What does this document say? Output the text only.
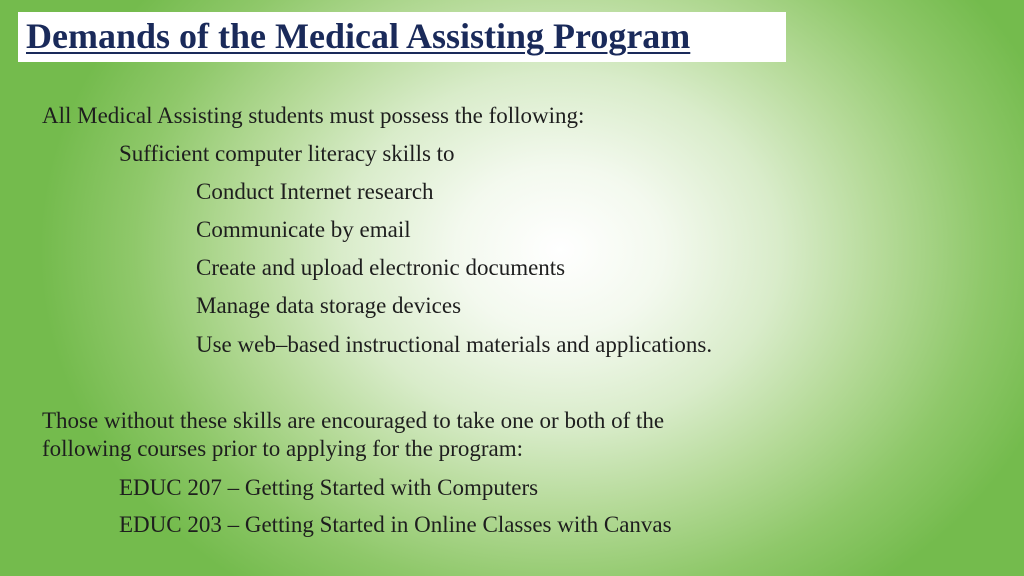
Demands of the Medical Assisting Program
All Medical Assisting students must possess the following:
Sufficient computer literacy skills to
Conduct Internet research
Communicate by email
Create and upload electronic documents
Manage data storage devices
Use web–based instructional materials and applications.
Those without these skills are encouraged to take one or both of the
following courses prior to applying for the program:
EDUC 207 – Getting Started with Computers
EDUC 203 – Getting Started in Online Classes with Canvas
